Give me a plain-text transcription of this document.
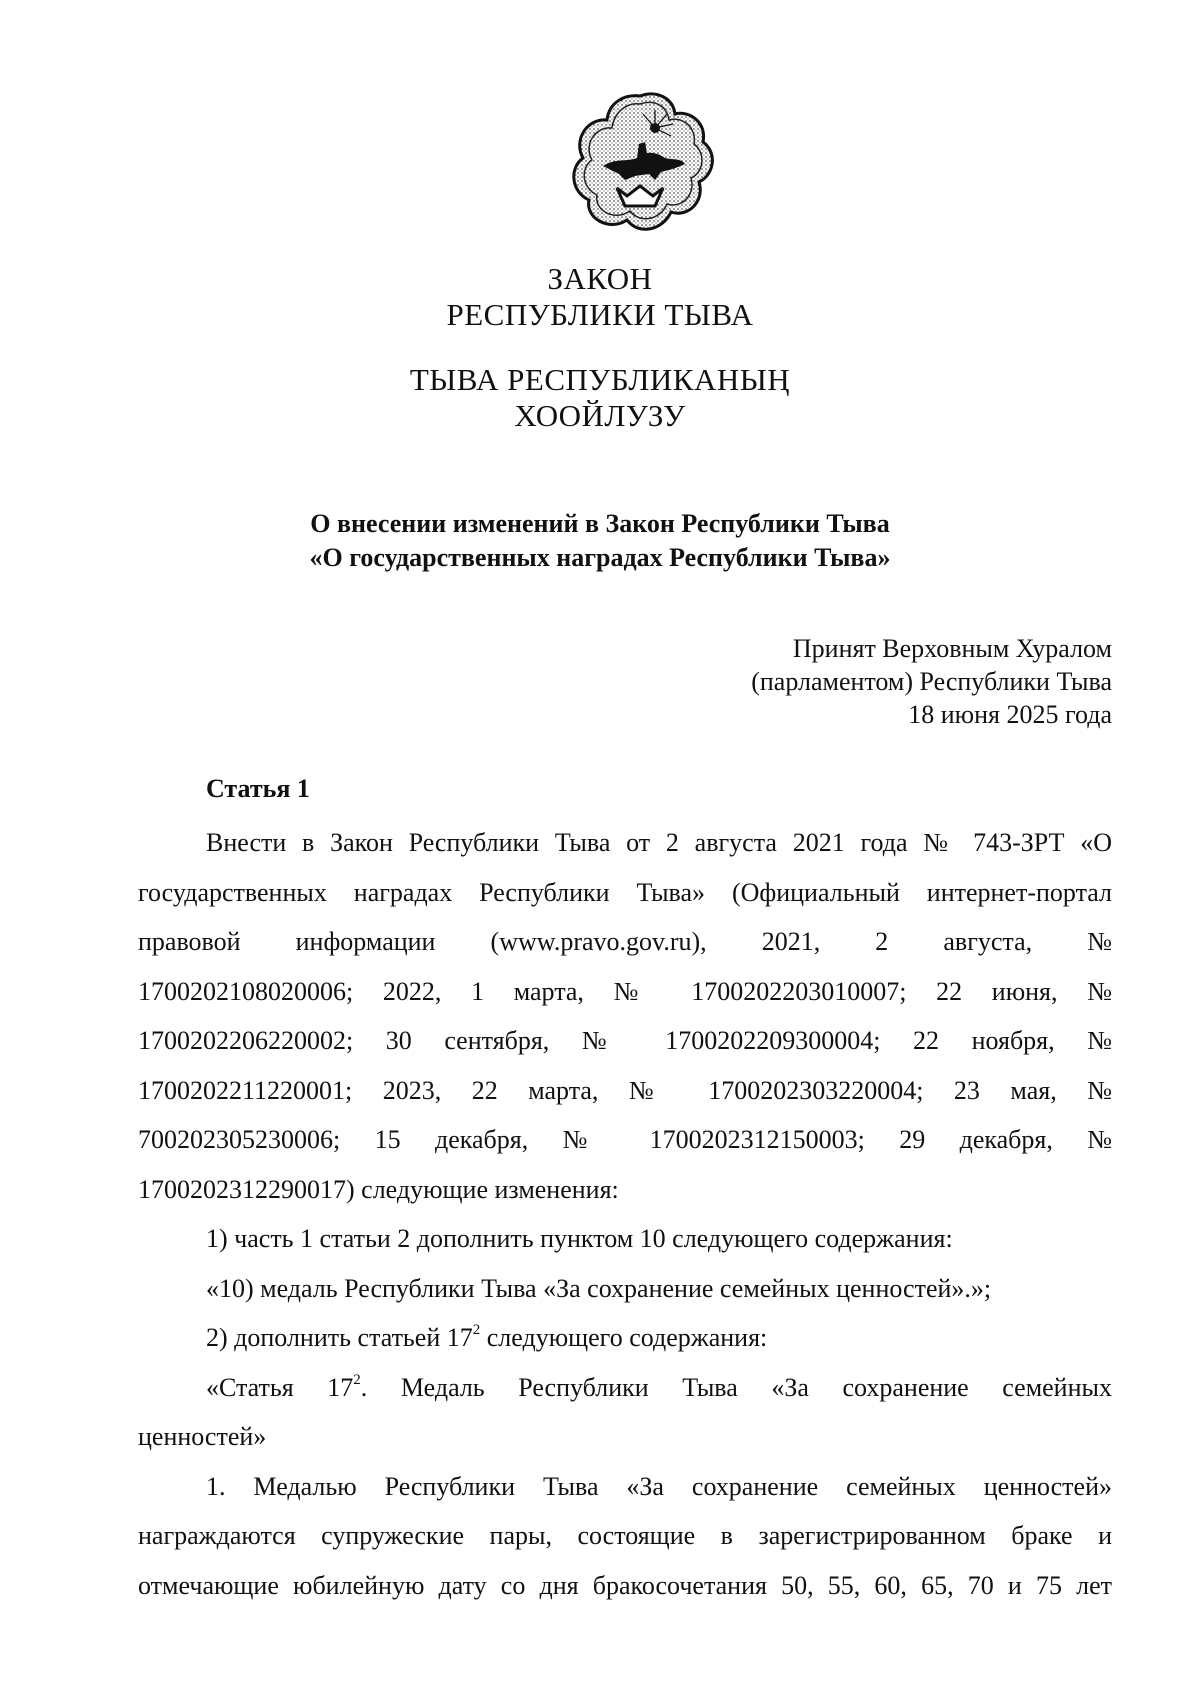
ЗАКОН
РЕСПУБЛИКИ ТЫВА
ТЫВА РЕСПУБЛИКАНЫҢ
ХООЙЛУЗУ
О внесении изменений в Закон Республики Тыва
«О государственных наградах Республики Тыва»
Принят Верховным Хуралом
(парламентом) Республики Тыва
18 июня 2025 года
Статья 1
Внести в Закон Республики Тыва от 2 августа 2021 года № 743-ЗРТ «О
государственных наградах Республики Тыва» (Официальный интернет-портал
правовой информации (www.pravo.gov.ru), 2021, 2 августа, №
1700202108020006; 2022, 1 марта, № 1700202203010007; 22 июня, №
1700202206220002; 30 сентября, № 1700202209300004; 22 ноября, №
1700202211220001; 2023, 22 марта, № 1700202303220004; 23 мая, №
700202305230006; 15 декабря, № 1700202312150003; 29 декабря, №
1700202312290017) следующие изменения:
1) часть 1 статьи 2 дополнить пунктом 10 следующего содержания:
«10) медаль Республики Тыва «За сохранение семейных ценностей».»;
2) дополнить статьей $17^2$ следующего содержания:
«Статья $17^2$. Медаль Республики Тыва «За сохранение семейных
ценностей»
1. Медалью Республики Тыва «За сохранение семейных ценностей»
награждаются супружеские пары, состоящие в зарегистрированном браке и
отмечающие юбилейную дату со дня бракосочетания 50, 55, 60, 65, 70 и 75 лет
